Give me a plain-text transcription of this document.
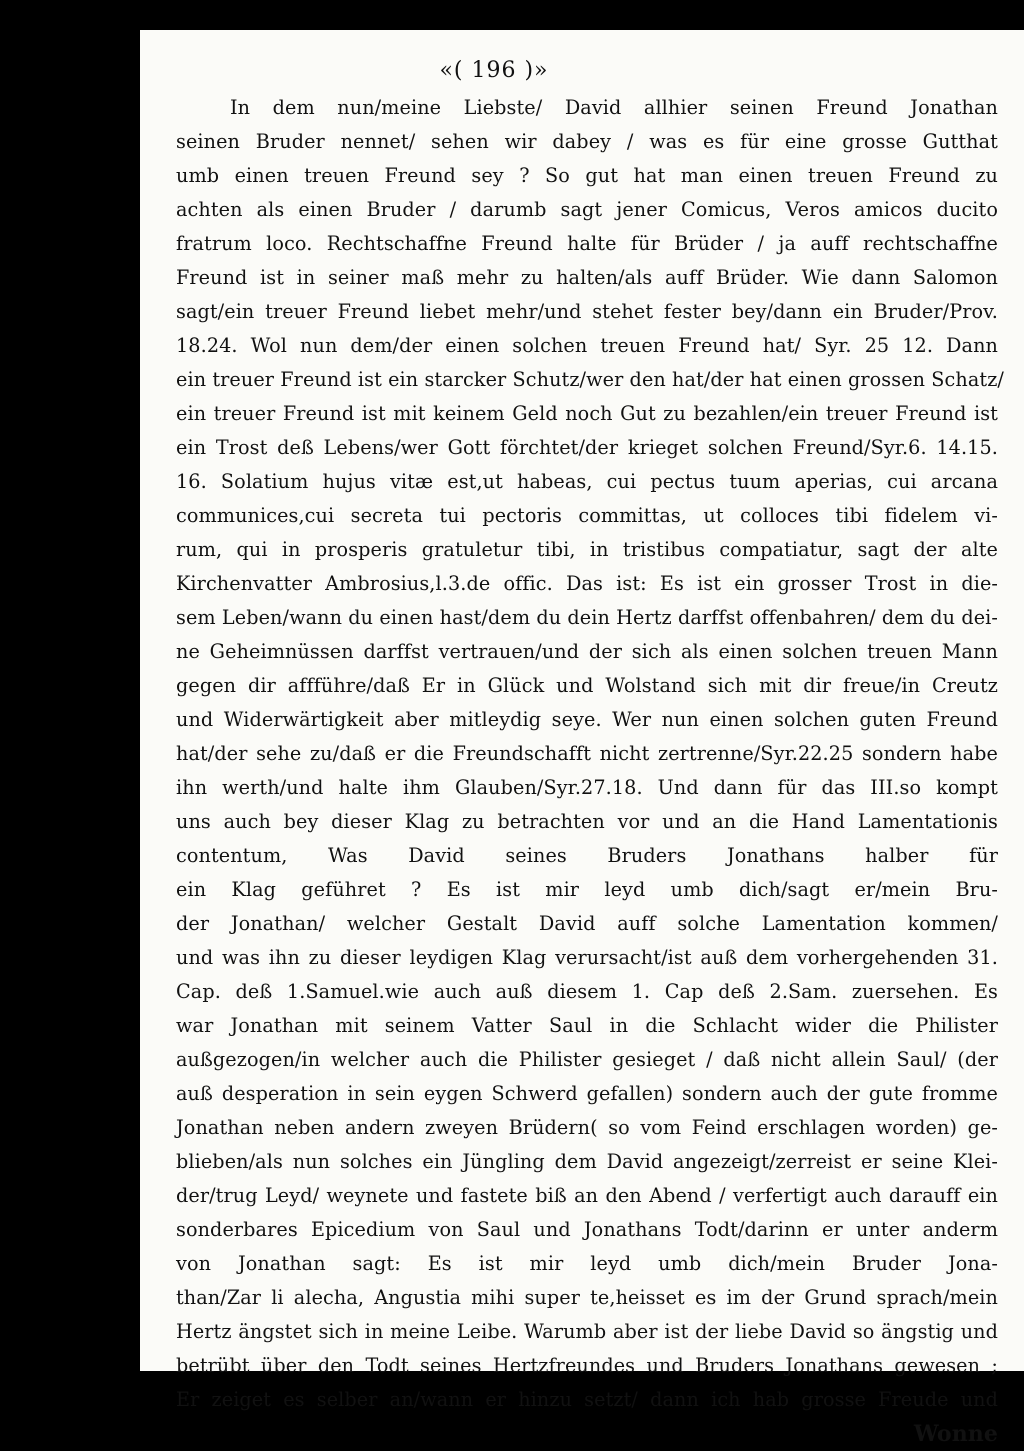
«( 196 )»
In dem nun/meine Liebste/ David allhier seinen Freund Jonathan
seinen Bruder nennet/ sehen wir dabey / was es für eine grosse Gutthat
umb einen treuen Freund sey ? So gut hat man einen treuen Freund zu
achten als einen Bruder / darumb sagt jener Comicus, Veros amicos ducito
fratrum loco. Rechtschaffne Freund halte für Brüder / ja auff rechtschaffne
Freund ist in seiner maß mehr zu halten/als auff Brüder. Wie dann Salomon
sagt/ein treuer Freund liebet mehr/und stehet fester bey/dann ein Bruder/Prov.
18.24. Wol nun dem/der einen solchen treuen Freund hat/ Syr. 25 12. Dann
ein treuer Freund ist ein starcker Schutz/wer den hat/der hat einen grossen Schatz/
ein treuer Freund ist mit keinem Geld noch Gut zu bezahlen/ein treuer Freund ist
ein Trost deß Lebens/wer Gott förchtet/der krieget solchen Freund/Syr.6. 14.15.
16. Solatium hujus vitæ est,ut habeas, cui pectus tuum aperias, cui arcana
communices,cui secreta tui pectoris committas, ut colloces tibi fidelem vi-
rum, qui in prosperis gratuletur tibi, in tristibus compatiatur, sagt der alte
Kirchenvatter Ambrosius,l.3.de offic. Das ist: Es ist ein grosser Trost in die-
sem Leben/wann du einen hast/dem du dein Hertz darffst offenbahren/ dem du dei-
ne Geheimnüssen darffst vertrauen/und der sich als einen solchen treuen Mann
gegen dir affführe/daß Er in Glück und Wolstand sich mit dir freue/in Creutz
und Widerwärtigkeit aber mitleydig seye. Wer nun einen solchen guten Freund
hat/der sehe zu/daß er die Freundschafft nicht zertrenne/Syr.22.25 sondern habe
ihn werth/und halte ihm Glauben/Syr.27.18. Und dann für das III.so kompt
uns auch bey dieser Klag zu betrachten vor und an die Hand Lamentationis
contentum, Was David seines Bruders Jonathans halber für
ein Klag geführet ? Es ist mir leyd umb dich/sagt er/mein Bru-
der Jonathan/ welcher Gestalt David auff solche Lamentation kommen/
und was ihn zu dieser leydigen Klag verursacht/ist auß dem vorhergehenden 31.
Cap. deß 1.Samuel.wie auch auß diesem 1. Cap deß 2.Sam. zuersehen. Es
war Jonathan mit seinem Vatter Saul in die Schlacht wider die Philister
außgezogen/in welcher auch die Philister gesieget / daß nicht allein Saul/ (der
auß desperation in sein eygen Schwerd gefallen) sondern auch der gute fromme
Jonathan neben andern zweyen Brüdern( so vom Feind erschlagen worden) ge-
blieben/als nun solches ein Jüngling dem David angezeigt/zerreist er seine Klei-
der/trug Leyd/ weynete und fastete biß an den Abend / verfertigt auch darauff ein
sonderbares Epicedium von Saul und Jonathans Todt/darinn er unter anderm
von Jonathan sagt: Es ist mir leyd umb dich/mein Bruder Jona-
than/Zar li alecha, Angustia mihi super te,heisset es im der Grund sprach/mein
Hertz ängstet sich in meine Leibe. Warumb aber ist der liebe David so ängstig und
betrübt über den Todt seines Hertzfreundes und Bruders Jonathans gewesen ;
Er zeiget es selber an/wann er hinzu setzt/ dann ich hab grosse Freude und
Wonne
